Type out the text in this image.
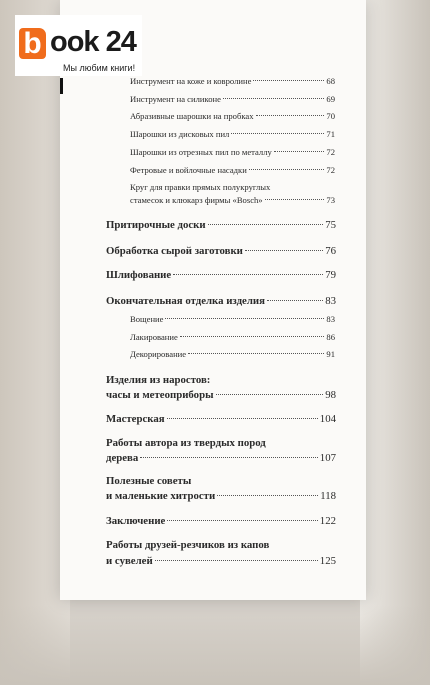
b ook 24
Мы любим книги!
Инструмент на коже и ковролине	68
Инструмент на силиконе	69
Абразивные шарошки на пробках	70
Шарошки из дисковых пил	71
Шарошки из отрезных пил по металлу	72
Фетровые и войлочные насадки	72
Круг для правки прямых полукруглых
стамесок и клюкарз фирмы «Bosch»	73
Притирочные доски	75
Обработка сырой заготовки	76
Шлифование	79
Окончательная отделка изделия	83
Вощение	83
Лакирование	86
Декорирование	91
Изделия из наростов:
часы и метеоприборы	98
Мастерская	104
Работы автора из твердых пород
дерева	107
Полезные советы
и маленькие хитрости	118
Заключение	122
Работы друзей-резчиков из капов
и сувелей	125
